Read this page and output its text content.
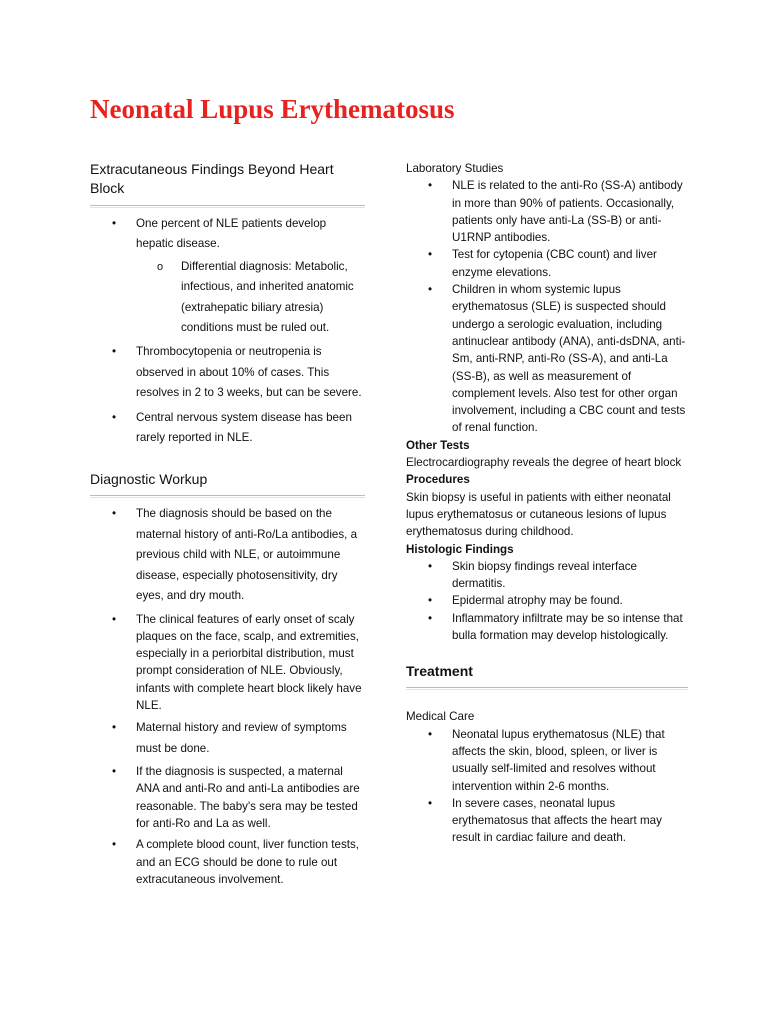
Neonatal Lupus Erythematosus
Extracutaneous Findings Beyond Heart Block
• One percent of NLE patients develop hepatic disease.
o Differential diagnosis: Metabolic, infectious, and inherited anatomic (extrahepatic biliary atresia) conditions must be ruled out.
• Thrombocytopenia or neutropenia is observed in about 10% of cases. This resolves in 2 to 3 weeks, but can be severe.
• Central nervous system disease has been rarely reported in NLE.
Diagnostic Workup
• The diagnosis should be based on the maternal history of anti-Ro/La antibodies, a previous child with NLE, or autoimmune disease, especially photosensitivity, dry eyes, and dry mouth.
• The clinical features of early onset of scaly plaques on the face, scalp, and extremities, especially in a periorbital distribution, must prompt consideration of NLE. Obviously, infants with complete heart block likely have NLE.
• Maternal history and review of symptoms must be done.
• If the diagnosis is suspected, a maternal ANA and anti-Ro and anti-La antibodies are reasonable. The baby's sera may be tested for anti-Ro and La as well.
• A complete blood count, liver function tests, and an ECG should be done to rule out extracutaneous involvement.
Laboratory Studies
• NLE is related to the anti-Ro (SS-A) antibody in more than 90% of patients. Occasionally, patients only have anti-La (SS-B) or anti-U1RNP antibodies.
• Test for cytopenia (CBC count) and liver enzyme elevations.
• Children in whom systemic lupus erythematosus (SLE) is suspected should undergo a serologic evaluation, including antinuclear antibody (ANA), anti-dsDNA, anti-Sm, anti-RNP, anti-Ro (SS-A), and anti-La (SS-B), as well as measurement of complement levels. Also test for other organ involvement, including a CBC count and tests of renal function.
Other Tests
Electrocardiography reveals the degree of heart block
Procedures
Skin biopsy is useful in patients with either neonatal lupus erythematosus or cutaneous lesions of lupus erythematosus during childhood.
Histologic Findings
• Skin biopsy findings reveal interface dermatitis.
• Epidermal atrophy may be found.
• Inflammatory infiltrate may be so intense that bulla formation may develop histologically.
Treatment
Medical Care
• Neonatal lupus erythematosus (NLE) that affects the skin, blood, spleen, or liver is usually self-limited and resolves without intervention within 2-6 months.
• In severe cases, neonatal lupus erythematosus that affects the heart may result in cardiac failure and death.
